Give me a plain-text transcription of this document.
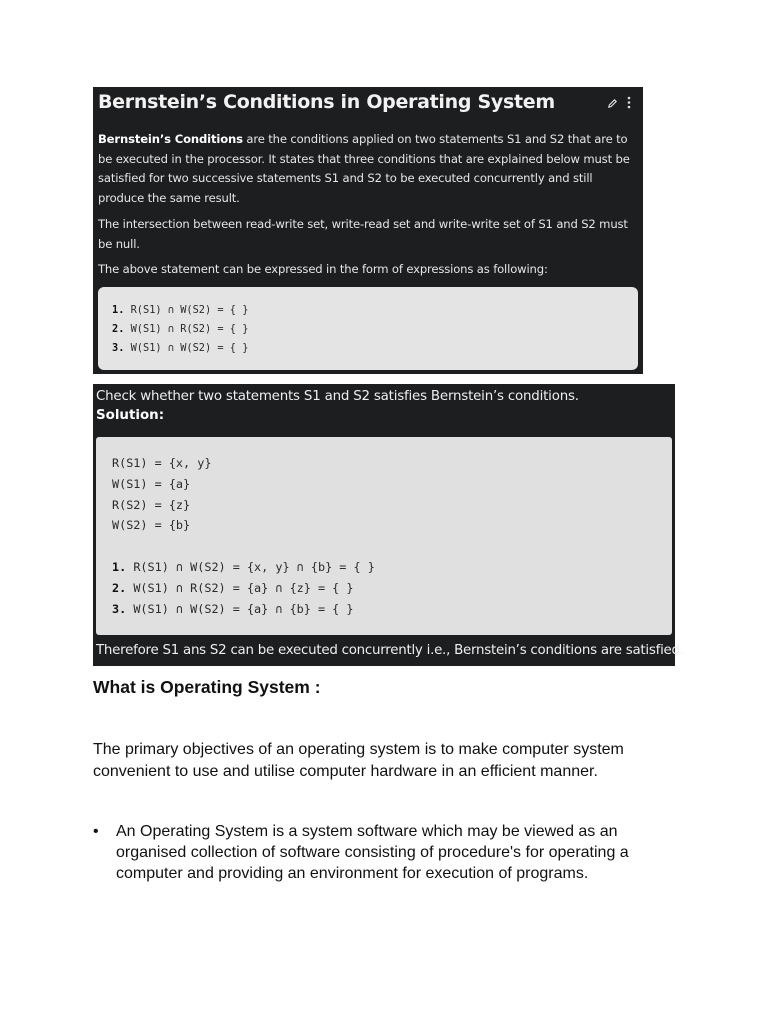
Bernstein’s Conditions in Operating System
Bernstein’s Conditions are the conditions applied on two statements S1 and S2 that are to be executed in the processor. It states that three conditions that are explained below must be satisfied for two successive statements S1 and S2 to be executed concurrently and still produce the same result.
The intersection between read-write set, write-read set and write-write set of S1 and S2 must be null.
The above statement can be expressed in the form of expressions as following:
1. R(S1) ∩ W(S2) = { }
2. W(S1) ∩ R(S2) = { }
3. W(S1) ∩ W(S2) = { }
Check whether two statements S1 and S2 satisfies Bernstein’s conditions.
Solution:
R(S1) = {x, y}
W(S1) = {a}
R(S2) = {z}
W(S2) = {b}
1. R(S1) ∩ W(S2) = {x, y} ∩ {b} = { }
2. W(S1) ∩ R(S2) = {a} ∩ {z} = { }
3. W(S1) ∩ W(S2) = {a} ∩ {b} = { }
Therefore S1 ans S2 can be executed concurrently i.e., Bernstein’s conditions are satisfied.
What is Operating System :
The primary objectives of an operating system is to make computer system convenient to use and utilise computer hardware in an efficient manner.
• An Operating System is a system software which may be viewed as an organised collection of software consisting of procedure's for operating a computer and providing an environment for execution of programs.
